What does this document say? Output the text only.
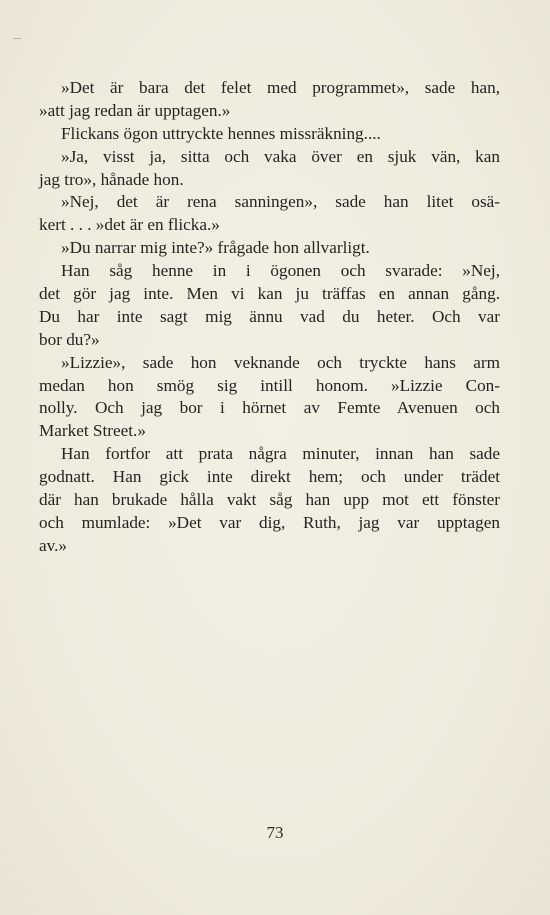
»Det är bara det felet med programmet», sade han,
»att jag redan är upptagen.»
Flickans ögon uttryckte hennes missräkning....
»Ja, visst ja, sitta och vaka över en sjuk vän, kan
jag tro», hånade hon.
»Nej, det är rena sanningen», sade han litet osä-
kert . . . »det är en flicka.»
»Du narrar mig inte?» frågade hon allvarligt.
Han såg henne in i ögonen och svarade: »Nej,
det gör jag inte. Men vi kan ju träffas en annan gång.
Du har inte sagt mig ännu vad du heter. Och var
bor du?»
»Lizzie», sade hon veknande och tryckte hans arm
medan hon smög sig intill honom. »Lizzie Con-
nolly. Och jag bor i hörnet av Femte Avenuen och
Market Street.»
Han fortfor att prata några minuter, innan han sade
godnatt. Han gick inte direkt hem; och under trädet
där han brukade hålla vakt såg han upp mot ett fönster
och mumlade: »Det var dig, Ruth, jag var upptagen
av.»
73
